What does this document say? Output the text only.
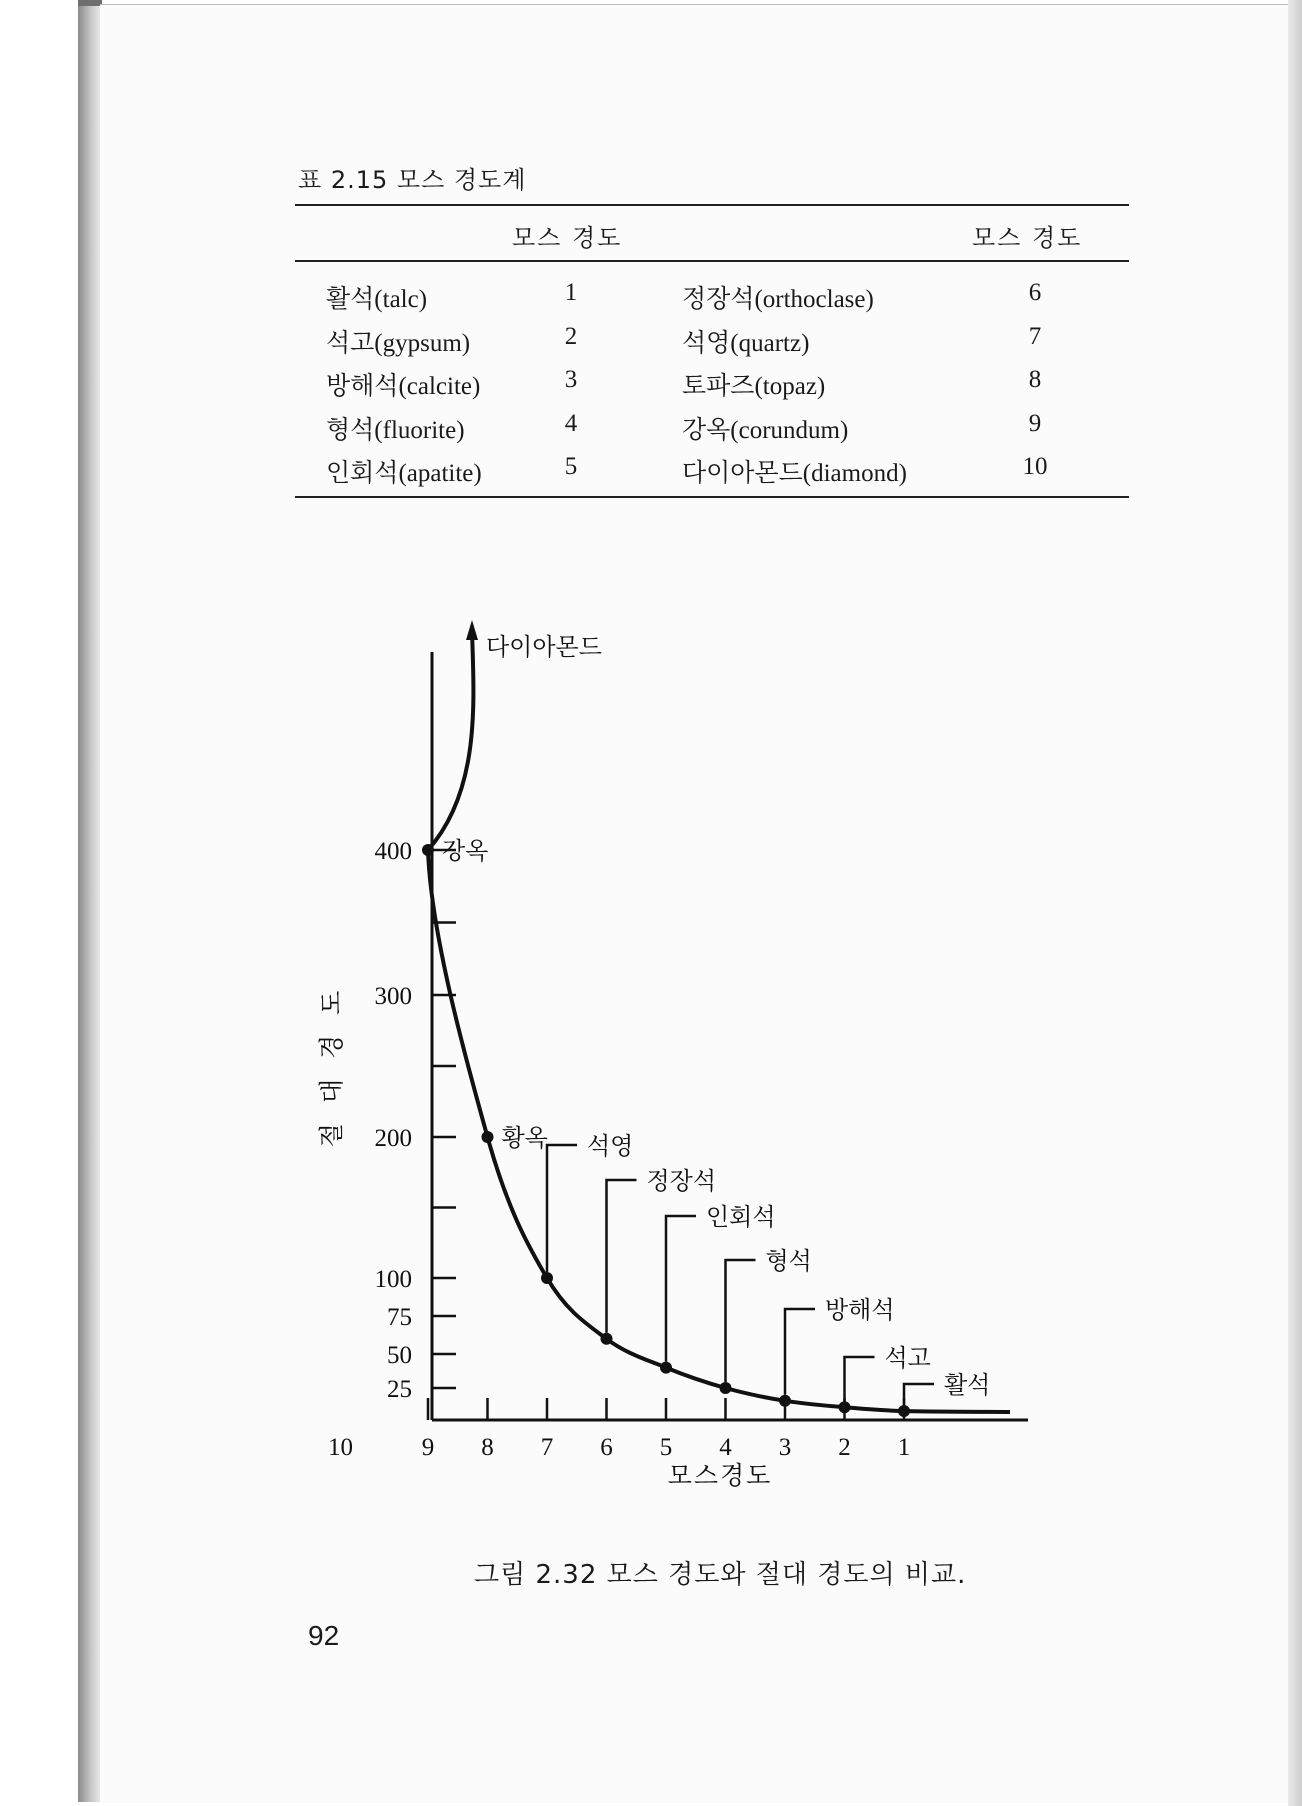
표 2.15 모스 경도계
모스 경도	모스 경도
활석(talc)	1	정장석(orthoclase)	6
석고(gypsum)	2	석영(quartz)	7
방해석(calcite)	3	토파즈(topaz)	8
형석(fluorite)	4	강옥(corundum)	9
인회석(apatite)	5	다이아몬드(diamond)	10
25
50
75
100
200
300
400
10	9 8 7 6 5 4 3 2 1
모스경도
절 대 경 도
다이아몬드
강옥
황옥 석영
정장석
인회석
형석
방해석
석고
활석
그림 2.32 모스 경도와 절대 경도의 비교.
92
